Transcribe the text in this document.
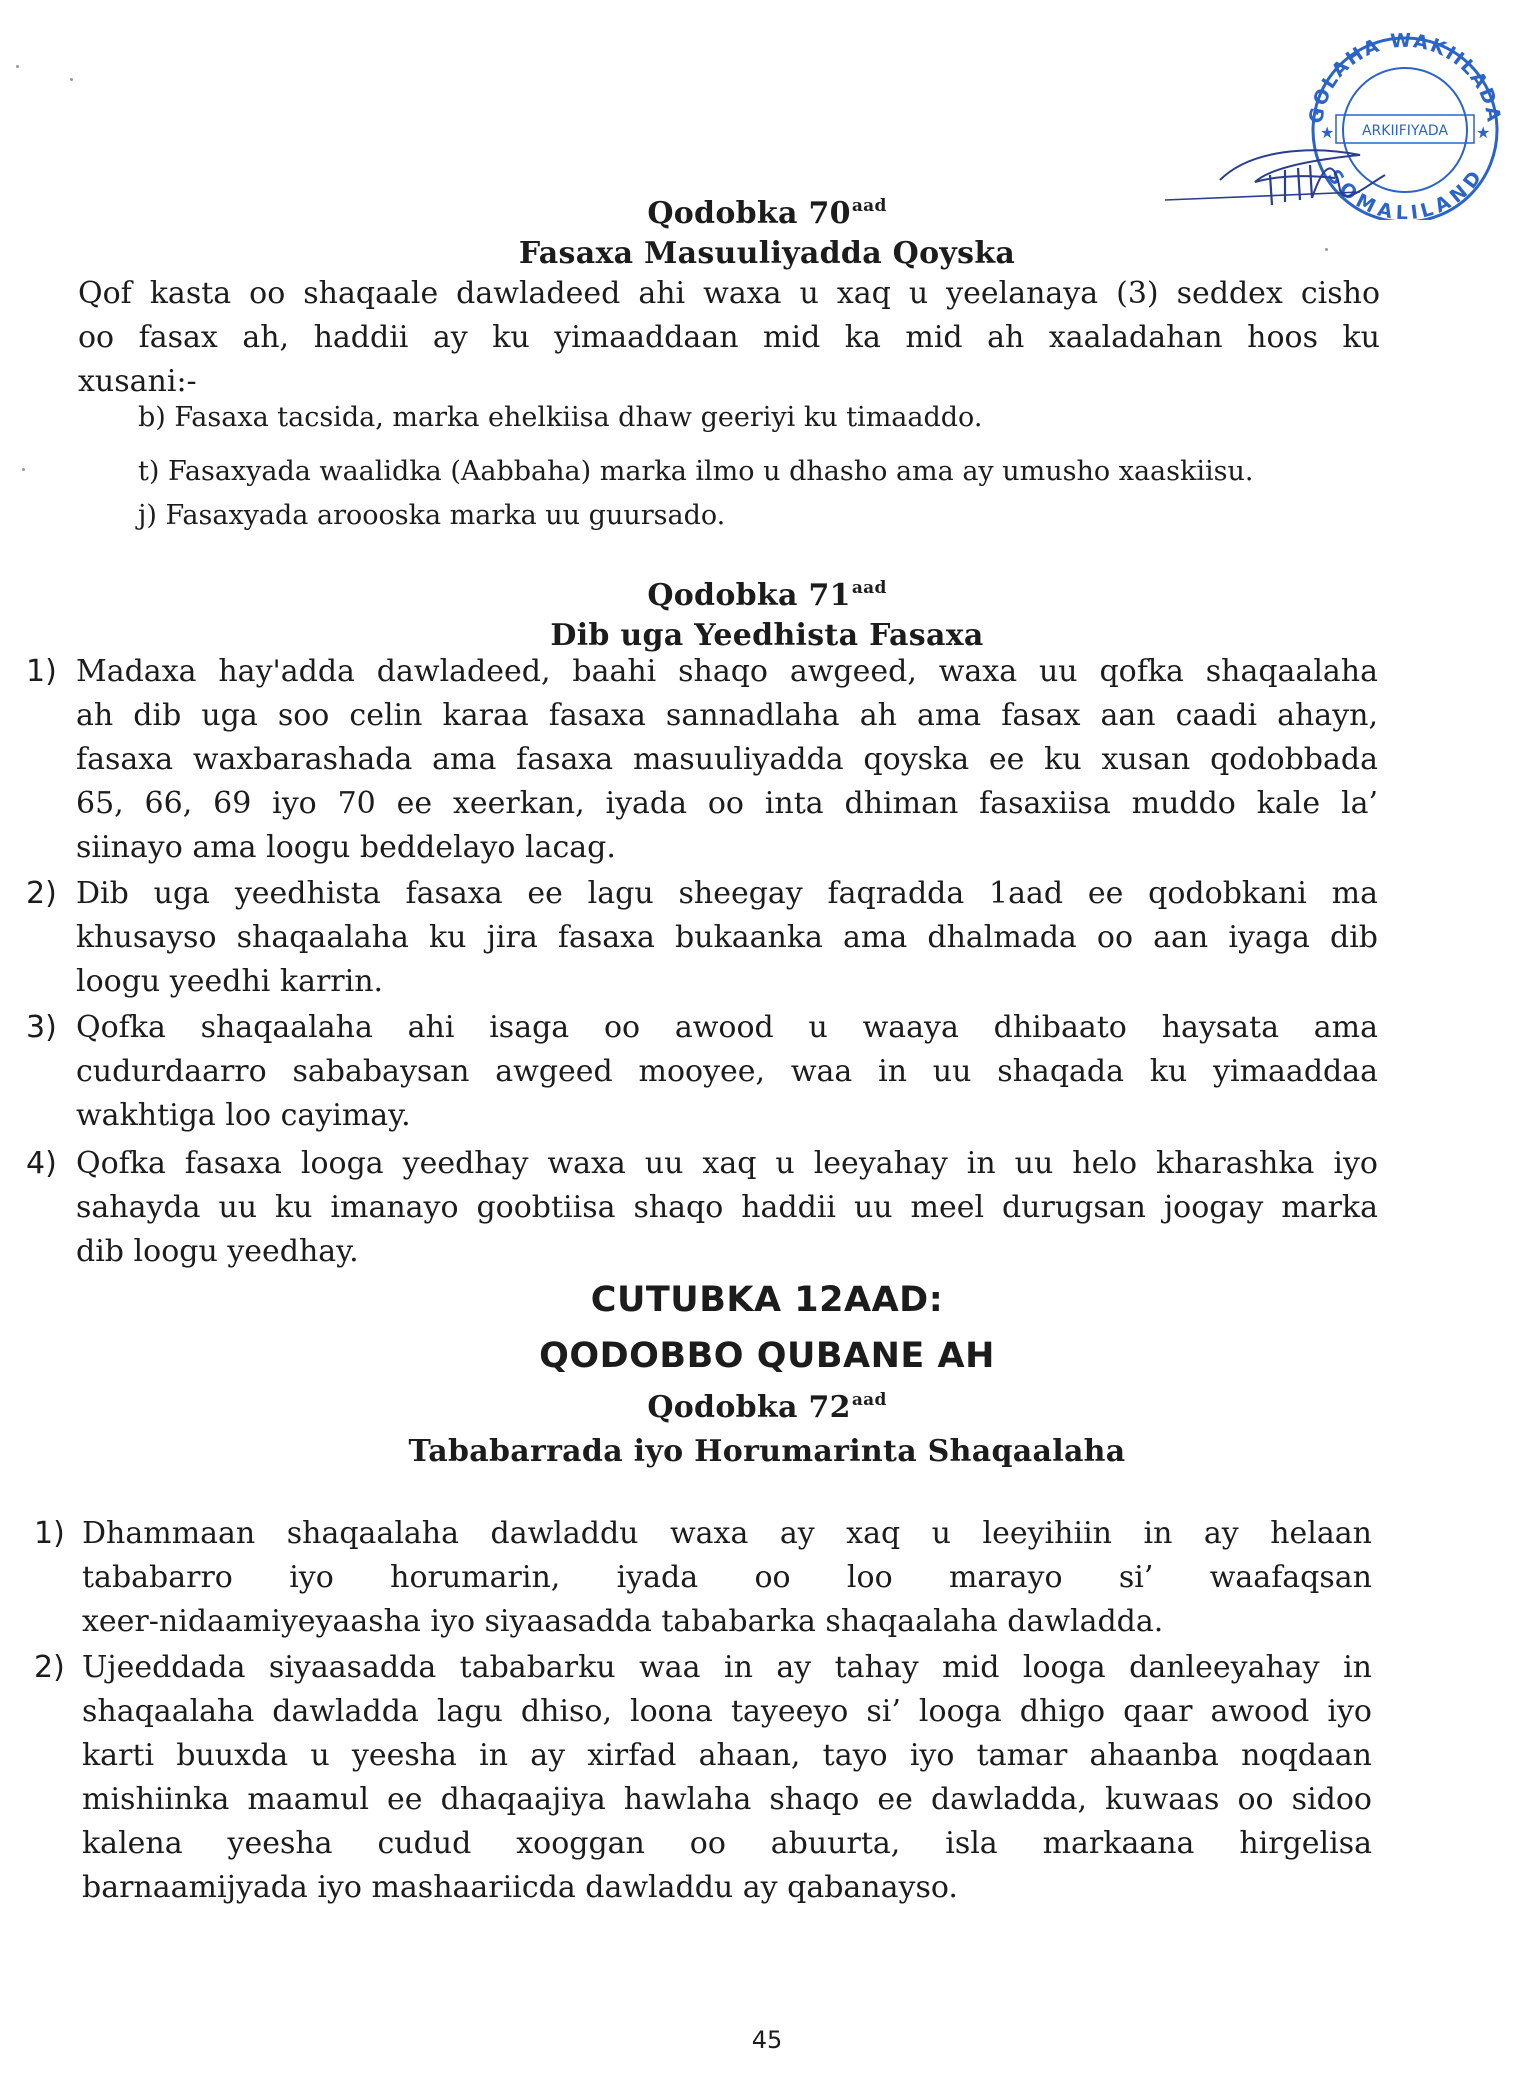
GOLAHA WAKIILADA
ARKIIFIYADA
SOMALILAND
★	★
Qodobka $70^{aad}$
Fasaxa Masuuliyadda Qoyska
Qof kasta oo shaqaale dawladeed ahi waxa u xaq u yeelanaya (3) seddex cisho
oo fasax ah, haddii ay ku yimaaddaan mid ka mid ah xaaladahan hoos ku
xusani:-
b) Fasaxa tacsida, marka ehelkiisa dhaw geeriyi ku timaaddo.
t) Fasaxyada waalidka (Aabbaha) marka ilmo u dhasho ama ay umusho xaaskiisu.
j) Fasaxyada aroooska marka uu guursado.
Qodobka $71^{aad}$
Dib uga Yeedhista Fasaxa
1) Madaxa hay'adda dawladeed, baahi shaqo awgeed, waxa uu qofka shaqaalaha
ah dib uga soo celin karaa fasaxa sannadlaha ah ama fasax aan caadi ahayn,
fasaxa waxbarashada ama fasaxa masuuliyadda qoyska ee ku xusan qodobbada
65, 66, 69 iyo 70 ee xeerkan, iyada oo inta dhiman fasaxiisa muddo kale la’
siinayo ama loogu beddelayo lacag.
2) Dib uga yeedhista fasaxa ee lagu sheegay faqradda 1aad ee qodobkani ma
khusayso shaqaalaha ku jira fasaxa bukaanka ama dhalmada oo aan iyaga dib
loogu yeedhi karrin.
3) Qofka shaqaalaha ahi isaga oo awood u waaya dhibaato haysata ama
cudurdaarro sababaysan awgeed mooyee, waa in uu shaqada ku yimaaddaa
wakhtiga loo cayimay.
4) Qofka fasaxa looga yeedhay waxa uu xaq u leeyahay in uu helo kharashka iyo
sahayda uu ku imanayo goobtiisa shaqo haddii uu meel durugsan joogay marka
dib loogu yeedhay.
CUTUBKA 12AAD:
QODOBBO QUBANE AH
Qodobka $72^{aad}$
Tababarrada iyo Horumarinta Shaqaalaha
1) Dhammaan shaqaalaha dawladdu waxa ay xaq u leeyihiin in ay helaan
tababarro iyo horumarin, iyada oo loo marayo si’ waafaqsan
xeer-nidaamiyeyaasha iyo siyaasadda tababarka shaqaalaha dawladda.
2) Ujeeddada siyaasadda tababarku waa in ay tahay mid looga danleeyahay in
shaqaalaha dawladda lagu dhiso, loona tayeeyo si’ looga dhigo qaar awood iyo
karti buuxda u yeesha in ay xirfad ahaan, tayo iyo tamar ahaanba noqdaan
mishiinka maamul ee dhaqaajiya hawlaha shaqo ee dawladda, kuwaas oo sidoo
kalena yeesha cudud xooggan oo abuurta, isla markaana hirgelisa
barnaamijyada iyo mashaariicda dawladdu ay qabanayso.
45
